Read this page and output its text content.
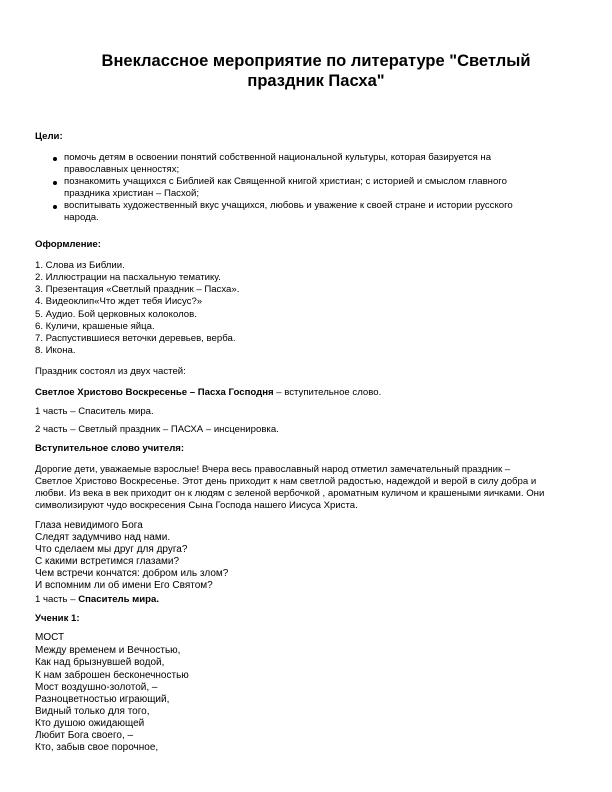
Внеклассное мероприятие по литературе "Светлый
праздник Пасха"
Цели:
помочь детям в освоении понятий собственной национальной культуры, которая базируется на
православных ценностях;
познакомить учащихся с Библией как Священной книгой христиан; с историей и смыслом главного
праздника христиан – Пасхой;
воспитывать художественный вкус учащихся, любовь и уважение к своей стране и истории русского
народа.
Оформление:
1. Слова из Библии.
2. Иллюстрации на пасхальную тематику.
3. Презентация «Светлый праздник – Пасха».
4. Видеоклип«Что ждет тебя Иисус?»
5. Аудио. Бой церковных колоколов.
6. Куличи, крашеные яйца.
7. Распустившиеся веточки деревьев, верба.
8. Икона.
Праздник состоял из двух частей:
Светлое Христово Воскресенье – Пасха Господня – вступительное слово.
1 часть – Спаситель мира.
2 часть – Светлый праздник – ПАСХА – инсценировка.
Вступительное слово учителя:
Дорогие дети, уважаемые взрослые! Вчера весь православный народ отметил замечательный праздник –
Светлое Христово Воскресенье. Этот день приходит к нам светлой радостью, надеждой и верой в силу добра и
любви. Из века в век приходит он к людям с зеленой вербочкой , ароматным куличом и крашеными яичками. Они
символизируют чудо воскресения Сына Господа нашего Иисуса Христа.
Глаза невидимого Бога
Следят задумчиво над нами.
Что сделаем мы друг для друга?
С какими встретимся глазами?
Чем встречи кончатся: добром иль злом?
И вспомним ли об имени Его Святом?
1 часть – Спаситель мира.
Ученик 1:
МОСТ
Между временем и Вечностью,
Как над брызнувшей водой,
К нам заброшен бесконечностью
Мост воздушно-золотой, –
Разноцветностью играющий,
Видный только для того,
Кто душою ожидающей
Любит Бога своего, –
Кто, забыв свое порочное,
